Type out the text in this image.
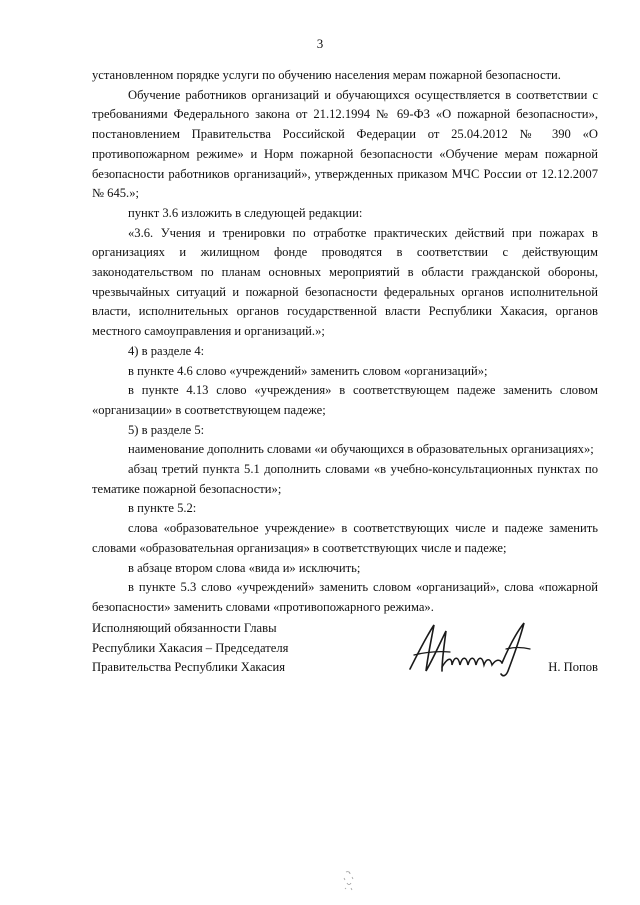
3

установленном порядке услуги по обучению населения мерам пожарной безопасности.

Обучение работников организаций и обучающихся осуществляется в соответствии с требованиями Федерального закона от 21.12.1994 № 69-ФЗ «О пожарной безопасности», постановлением Правительства Российской Федерации от 25.04.2012 № 390 «О противопожарном режиме» и Норм пожарной безопасности «Обучение мерам пожарной безопасности работников организаций», утвержденных приказом МЧС России от 12.12.2007 № 645.»;

пункт 3.6 изложить в следующей редакции:

«3.6. Учения и тренировки по отработке практических действий при пожарах в организациях и жилищном фонде проводятся в соответствии с действующим законодательством по планам основных мероприятий в области гражданской обороны, чрезвычайных ситуаций и пожарной безопасности федеральных органов исполнительной власти, исполнительных органов государственной власти Республики Хакасия, органов местного самоуправления и организаций.»;

4) в разделе 4:

в пункте 4.6 слово «учреждений» заменить словом «организаций»;

в пункте 4.13 слово «учреждения» в соответствующем падеже заменить словом «организации» в соответствующем падеже;

5) в разделе 5:

наименование дополнить словами «и обучающихся в образовательных организациях»;

абзац третий пункта 5.1 дополнить словами «в учебно-консультационных пунктах по тематике пожарной безопасности»;

в пункте 5.2:

слова «образовательное учреждение» в соответствующих числе и падеже заменить словами «образовательная организация» в соответствующих числе и падеже;

в абзаце втором слова «вида и» исключить;

в пункте 5.3 слово «учреждений» заменить словом «организаций», слова «пожарной безопасности» заменить словами «противопожарного режима».

Исполняющий обязанности Главы
Республики Хакасия – Председателя
Правительства Республики Хакасия	Н. Попов
